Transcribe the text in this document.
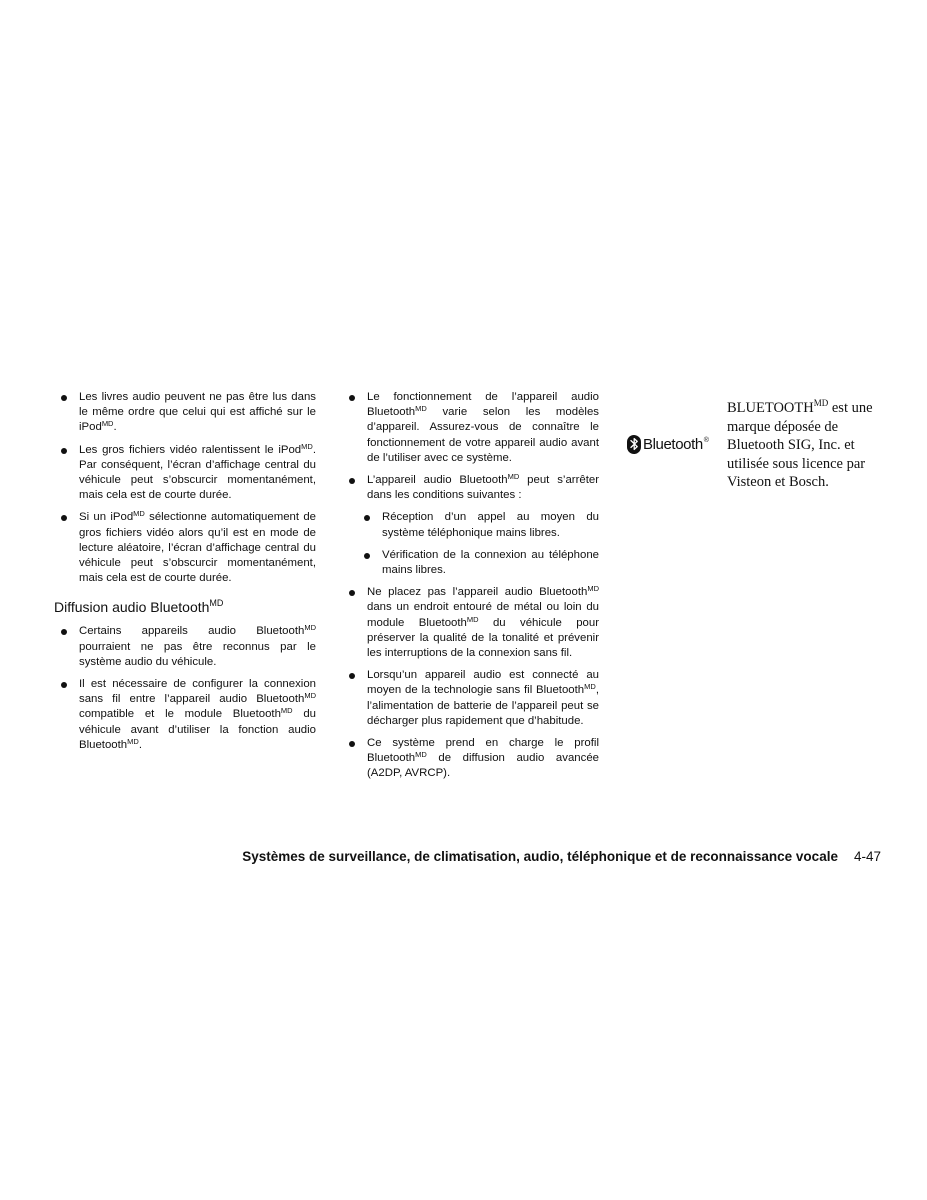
Les livres audio peuvent ne pas être lus dans le même ordre que celui qui est affiché sur le iPod$^{MD}$.
Les gros fichiers vidéo ralentissent le iPod$^{MD}$. Par conséquent, l’écran d’affichage central du véhicule peut s’obscurcir momentanément, mais cela est de courte durée.
Si un iPod$^{MD}$ sélectionne automatiquement de gros fichiers vidéo alors qu’il est en mode de lecture aléatoire, l’écran d’affichage central du véhicule peut s’obscurcir momentanément, mais cela est de courte durée.
Diffusion audio Bluetooth$^{MD}$
Certains appareils audio Bluetooth$^{MD}$ pourraient ne pas être reconnus par le système audio du véhicule.
Il est nécessaire de configurer la connexion sans fil entre l’appareil audio Bluetooth$^{MD}$ compatible et le module Bluetooth$^{MD}$ du véhicule avant d’utiliser la fonction audio Bluetooth$^{MD}$.
Le fonctionnement de l’appareil audio Bluetooth$^{MD}$ varie selon les modèles d’appareil. Assurez-vous de connaître le fonctionnement de votre appareil audio avant de l’utiliser avec ce système.
L’appareil audio Bluetooth$^{MD}$ peut s’arrêter dans les conditions suivantes :
Réception d’un appel au moyen du système téléphonique mains libres.
Vérification de la connexion au téléphone mains libres.
Ne placez pas l’appareil audio Bluetooth$^{MD}$ dans un endroit entouré de métal ou loin du module Bluetooth$^{MD}$ du véhicule pour préserver la qualité de la tonalité et prévenir les interruptions de la connexion sans fil.
Lorsqu’un appareil audio est connecté au moyen de la technologie sans fil Bluetooth$^{MD}$, l’alimentation de batterie de l’appareil peut se décharger plus rapidement que d’habitude.
Ce système prend en charge le profil Bluetooth$^{MD}$ de diffusion audio avancée (A2DP, AVRCP).
Bluetooth®
$BLUETOOTH^{MD}$ est une marque déposée de Bluetooth SIG, Inc. et utilisée sous licence par Visteon et Bosch.
Systèmes de surveillance, de climatisation, audio, téléphonique et de reconnaissance vocale 4-47
